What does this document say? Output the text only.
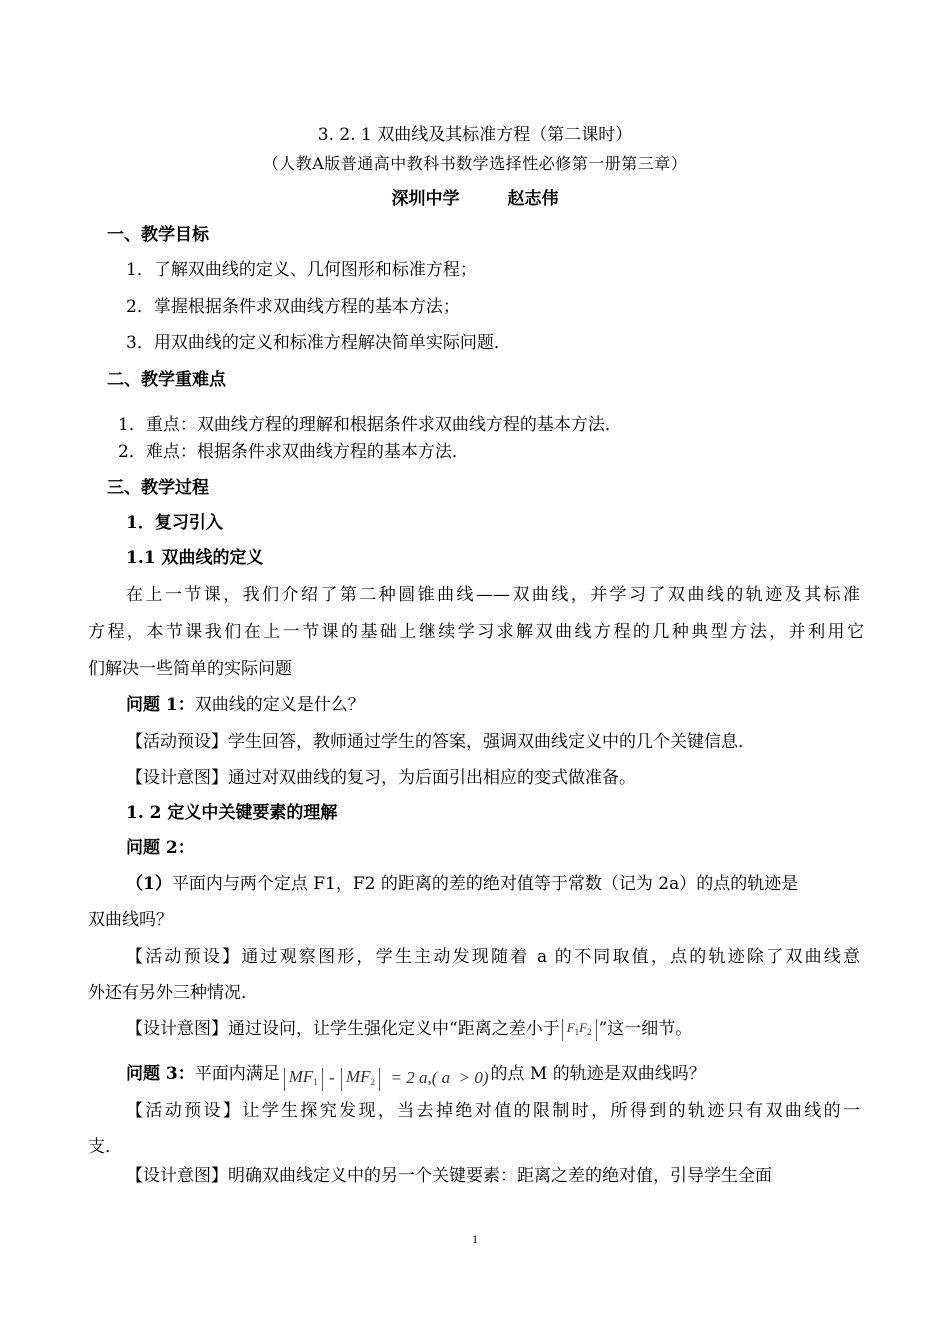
3. 2. 1 双曲线及其标准方程（第二课时）
（人教A版普通高中教科书数学选择性必修第一册第三章）
深圳中学	赵志伟
一、教学目标
1．了解双曲线的定义、几何图形和标准方程；
2．掌握根据条件求双曲线方程的基本方法；
3．用双曲线的定义和标准方程解决简单实际问题．
二、教学重难点
1．重点：双曲线方程的理解和根据条件求双曲线方程的基本方法．
2．难点：根据条件求双曲线方程的基本方法．
三、教学过程
1．复习引入
1.1 双曲线的定义
在上一节课，我们介绍了第二种圆锥曲线——双曲线，并学习了双曲线的轨迹及其标准
方程，本节课我们在上一节课的基础上继续学习求解双曲线方程的几种典型方法，并利用它
们解决一些简单的实际问题
问题 1：双曲线的定义是什么？
【活动预设】学生回答，教师通过学生的答案，强调双曲线定义中的几个关键信息．
【设计意图】通过对双曲线的复习，为后面引出相应的变式做准备。
1. 2 定义中关键要素的理解
问题 2：
（1）平面内与两个定点 F1，F2 的距离的差的绝对值等于常数（记为 2a）的点的轨迹是
双曲线吗？
【活动预设】通过观察图形，学生主动发现随着 a 的不同取值，点的轨迹除了双曲线意
外还有另外三种情况．
【设计意图】通过设问，让学生强化定义中“距离之差小于 $F_1F_2$ ”这一细节。
问题 3：平面内满足 MF1 - MF2  = 2 a,( a  > 0) 的点 M 的轨迹是双曲线吗？
【活动预设】让学生探究发现，当去掉绝对值的限制时，所得到的轨迹只有双曲线的一
支．
【设计意图】明确双曲线定义中的另一个关键要素：距离之差的绝对值，引导学生全面
1
